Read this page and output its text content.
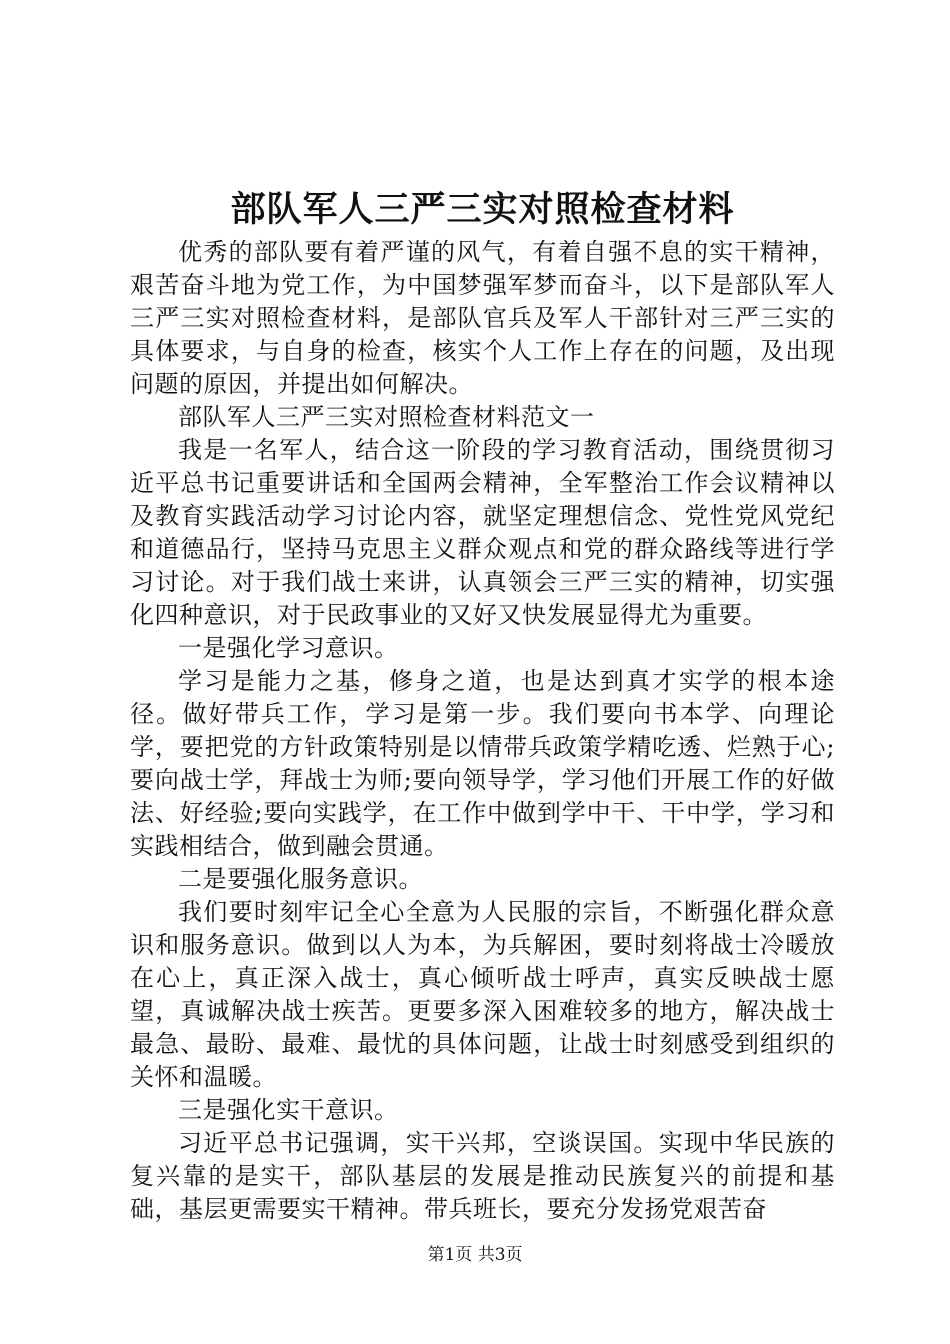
部队军人三严三实对照检查材料

优秀的部队要有着严谨的风气，有着自强不息的实干精神，艰苦奋斗地为党工作，为中国梦强军梦而奋斗，以下是部队军人三严三实对照检查材料，是部队官兵及军人干部针对三严三实的具体要求，与自身的检查，核实个人工作上存在的问题，及出现问题的原因，并提出如何解决。

部队军人三严三实对照检查材料范文一

我是一名军人，结合这一阶段的学习教育活动，围绕贯彻习近平总书记重要讲话和全国两会精神，全军整治工作会议精神以及教育实践活动学习讨论内容，就坚定理想信念、党性党风党纪和道德品行，坚持马克思主义群众观点和党的群众路线等进行学习讨论。对于我们战士来讲，认真领会三严三实的精神，切实强化四种意识，对于民政事业的又好又快发展显得尤为重要。

一是强化学习意识。

学习是能力之基，修身之道，也是达到真才实学的根本途径。做好带兵工作，学习是第一步。我们要向书本学、向理论学，要把党的方针政策特别是以情带兵政策学精吃透、烂熟于心;要向战士学，拜战士为师;要向领导学，学习他们开展工作的好做法、好经验;要向实践学，在工作中做到学中干、干中学，学习和实践相结合，做到融会贯通。

二是要强化服务意识。

我们要时刻牢记全心全意为人民服的宗旨，不断强化群众意识和服务意识。做到以人为本，为兵解困，要时刻将战士冷暖放在心上，真正深入战士，真心倾听战士呼声，真实反映战士愿望，真诚解决战士疾苦。更要多深入困难较多的地方，解决战士最急、最盼、最难、最忧的具体问题，让战士时刻感受到组织的关怀和温暖。

三是强化实干意识。

习近平总书记强调，实干兴邦，空谈误国。实现中华民族的复兴靠的是实干，部队基层的发展是推动民族复兴的前提和基础，基层更需要实干精神。带兵班长，要充分发扬党艰苦奋

第1页 共3页
